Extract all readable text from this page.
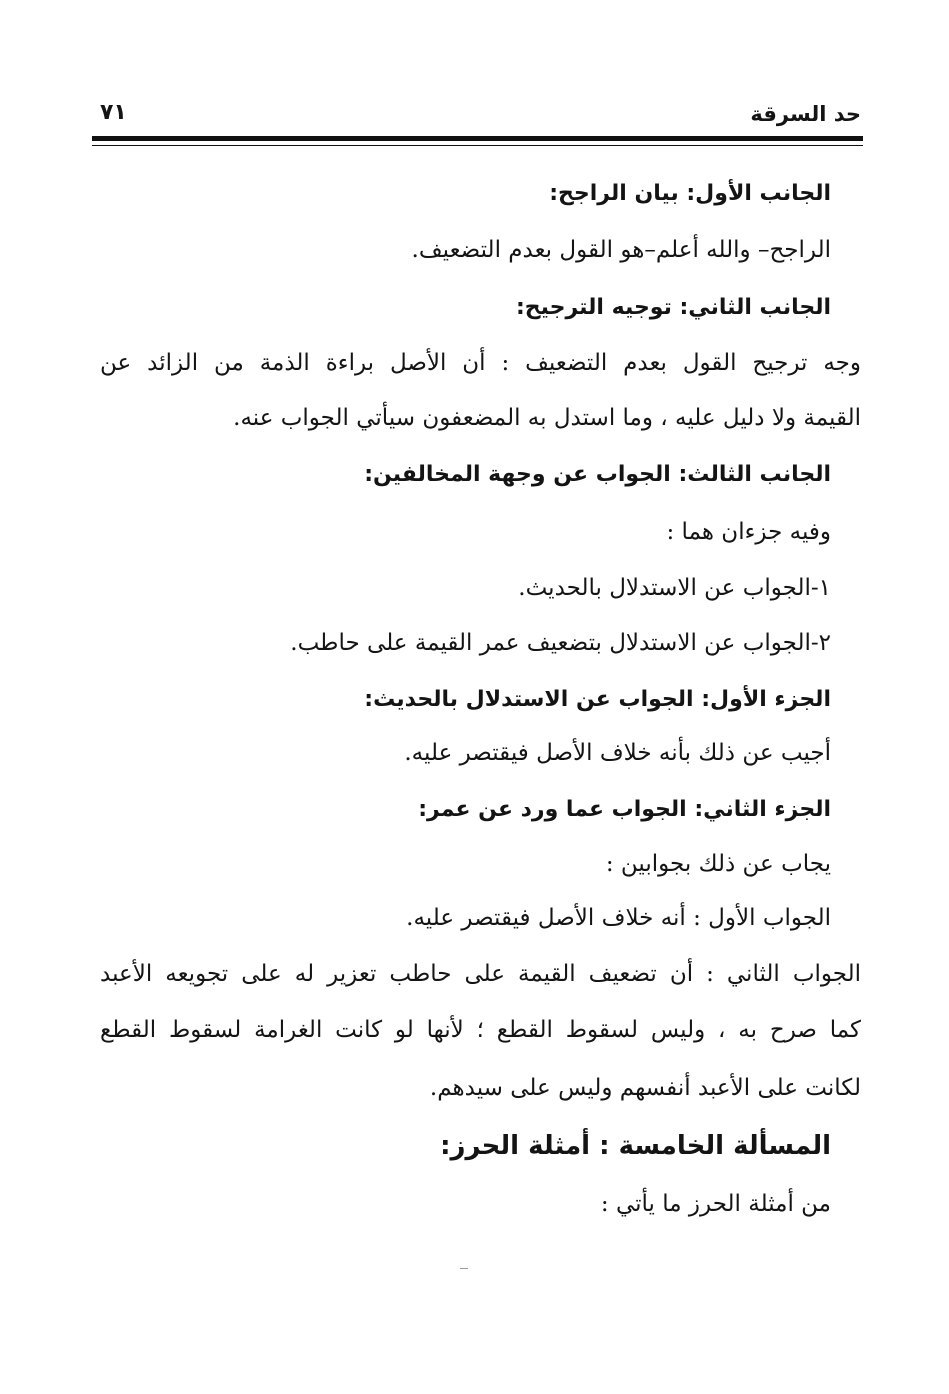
حد السرقة
٧١
الجانب الأول: بيان الراجح:
الراجح– والله أعلم–هو القول بعدم التضعيف.
الجانب الثاني: توجيه الترجيح:
وجه ترجيح القول بعدم التضعيف : أن الأصل براءة الذمة من الزائد عن
القيمة ولا دليل عليه ، وما استدل به المضعفون سيأتي الجواب عنه.
الجانب الثالث: الجواب عن وجهة المخالفين:
وفيه جزءان هما :
١-الجواب عن الاستدلال بالحديث.
٢-الجواب عن الاستدلال بتضعيف عمر القيمة على حاطب.
الجزء الأول: الجواب عن الاستدلال بالحديث:
أجيب عن ذلك بأنه خلاف الأصل فيقتصر عليه.
الجزء الثاني: الجواب عما ورد عن عمر:
يجاب عن ذلك بجوابين :
الجواب الأول : أنه خلاف الأصل فيقتصر عليه.
الجواب الثاني : أن تضعيف القيمة على حاطب تعزير له على تجويعه الأعبد
كما صرح به ، وليس لسقوط القطع ؛ لأنها لو كانت الغرامة لسقوط القطع
لكانت على الأعبد أنفسهم وليس على سيدهم.
المسألة الخامسة : أمثلة الحرز:
من أمثلة الحرز ما يأتي :
